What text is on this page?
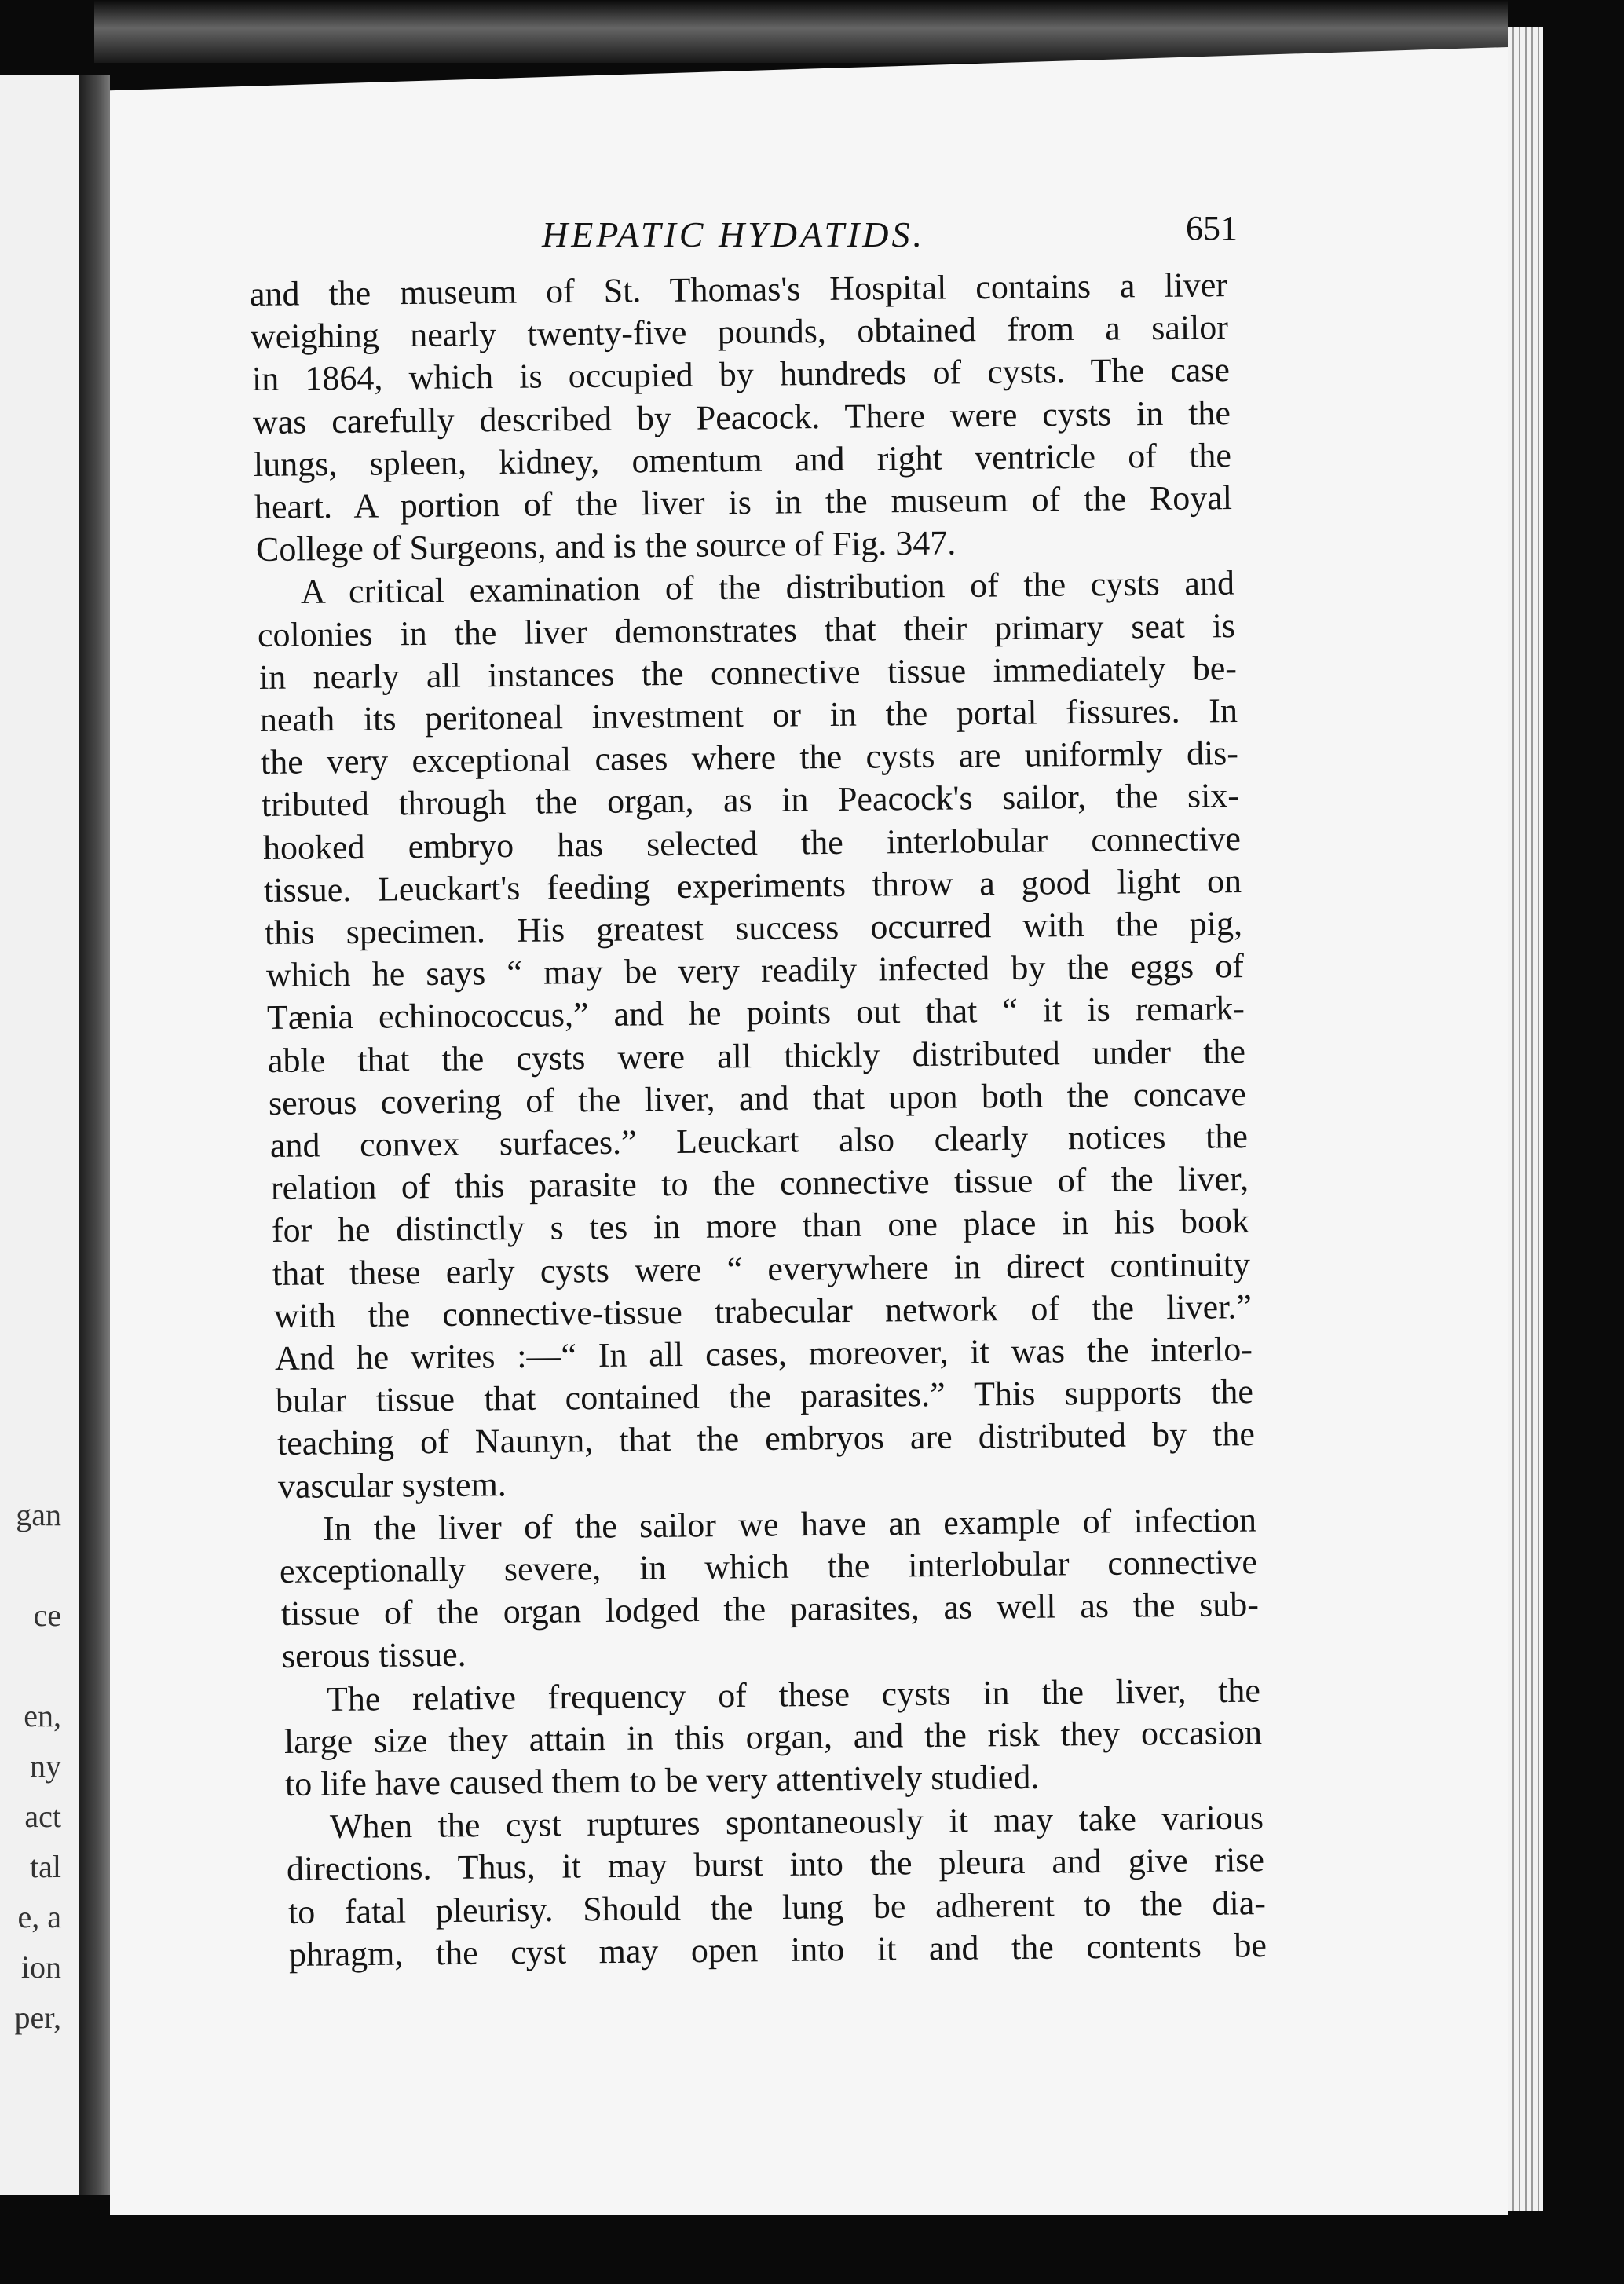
gan
ce
en,
ny
act
tal
e, a
ion
per,
HEPATIC HYDATIDS.	651
and the museum of St. Thomas's Hospital contains a liver
weighing nearly twenty-five pounds, obtained from a sailor
in 1864, which is occupied by hundreds of cysts. The case
was carefully described by Peacock. There were cysts in the
lungs, spleen, kidney, omentum and right ventricle of the
heart. A portion of the liver is in the museum of the Royal
College of Surgeons, and is the source of Fig. 347.
A critical examination of the distribution of the cysts and
colonies in the liver demonstrates that their primary seat is
in nearly all instances the connective tissue immediately be-
neath its peritoneal investment or in the portal fissures. In
the very exceptional cases where the cysts are uniformly dis-
tributed through the organ, as in Peacock's sailor, the six-
hooked embryo has selected the interlobular connective
tissue. Leuckart's feeding experiments throw a good light on
this specimen. His greatest success occurred with the pig,
which he says “ may be very readily infected by the eggs of
Tænia echinococcus,” and he points out that “ it is remark-
able that the cysts were all thickly distributed under the
serous covering of the liver, and that upon both the concave
and convex surfaces.” Leuckart also clearly notices the
relation of this parasite to the connective tissue of the liver,
for he distinctly s tes in more than one place in his book
that these early cysts were “ everywhere in direct continuity
with the connective-tissue trabecular network of the liver.”
And he writes :—“ In all cases, moreover, it was the interlo-
bular tissue that contained the parasites.” This supports the
teaching of Naunyn, that the embryos are distributed by the
vascular system.
In the liver of the sailor we have an example of infection
exceptionally severe, in which the interlobular connective
tissue of the organ lodged the parasites, as well as the sub-
serous tissue.
The relative frequency of these cysts in the liver, the
large size they attain in this organ, and the risk they occasion
to life have caused them to be very attentively studied.
When the cyst ruptures spontaneously it may take various
directions. Thus, it may burst into the pleura and give rise
to fatal pleurisy. Should the lung be adherent to the dia-
phragm, the cyst may open into it and the contents be
